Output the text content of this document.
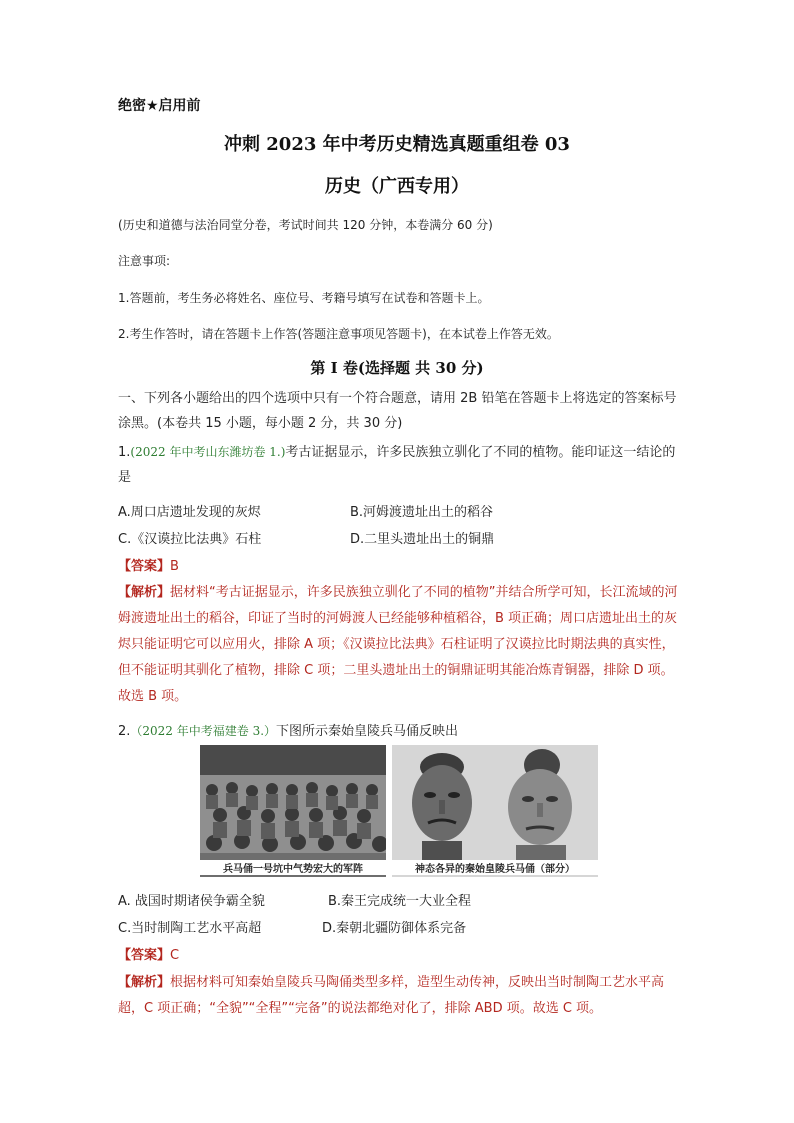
绝密★启用前
冲刺 2023 年中考历史精选真题重组卷 03
历史（广西专用）
(历史和道德与法治同堂分卷，考试时间共 120 分钟，本卷满分 60 分)
注意事项:
1.答题前，考生务必将姓名、座位号、考籍号填写在试卷和答题卡上。
2.考生作答时，请在答题卡上作答(答题注意事项见答题卡)，在本试卷上作答无效。
第 I 卷(选择题 共 30 分)
一、下列各小题给出的四个选项中只有一个符合题意，请用 2B 铅笔在答题卡上将选定的答案标号涂黑。(本卷共 15 小题，每小题 2 分，共 30 分)
1.(2022 年中考山东潍坊卷 1.)考古证据显示，许多民族独立驯化了不同的植物。能印证这一结论的是
A.周口店遗址发现的灰烬	B.河姆渡遗址出土的稻谷
C.《汉谟拉比法典》石柱	D.二里头遗址出土的铜鼎
【答案】B
【解析】据材料“考古证据显示，许多民族独立驯化了不同的植物”并结合所学可知，长江流域的河姆渡遗址出土的稻谷，印证了当时的河姆渡人已经能够种植稻谷，B 项正确；周口店遗址出土的灰烬只能证明它可以应用火，排除 A 项；《汉谟拉比法典》石柱证明了汉谟拉比时期法典的真实性，但不能证明其驯化了植物，排除 C 项；二里头遗址出土的铜鼎证明其能冶炼青铜器，排除 D 项。故选 B 项。
2.（2022 年中考福建卷 3.）下图所示秦始皇陵兵马俑反映出
兵马俑一号坑中气势宏大的军阵	神态各异的秦始皇陵兵马俑（部分）
A. 战国时期诸侯争霸全貌	B.秦王完成统一大业全程
C.当时制陶工艺水平高超	D.秦朝北疆防御体系完备
【答案】C
【解析】根据材料可知秦始皇陵兵马陶俑类型多样，造型生动传神，反映出当时制陶工艺水平高超，C 项正确；“全貌”“全程”“完备”的说法都绝对化了，排除 ABD 项。故选 C 项。
